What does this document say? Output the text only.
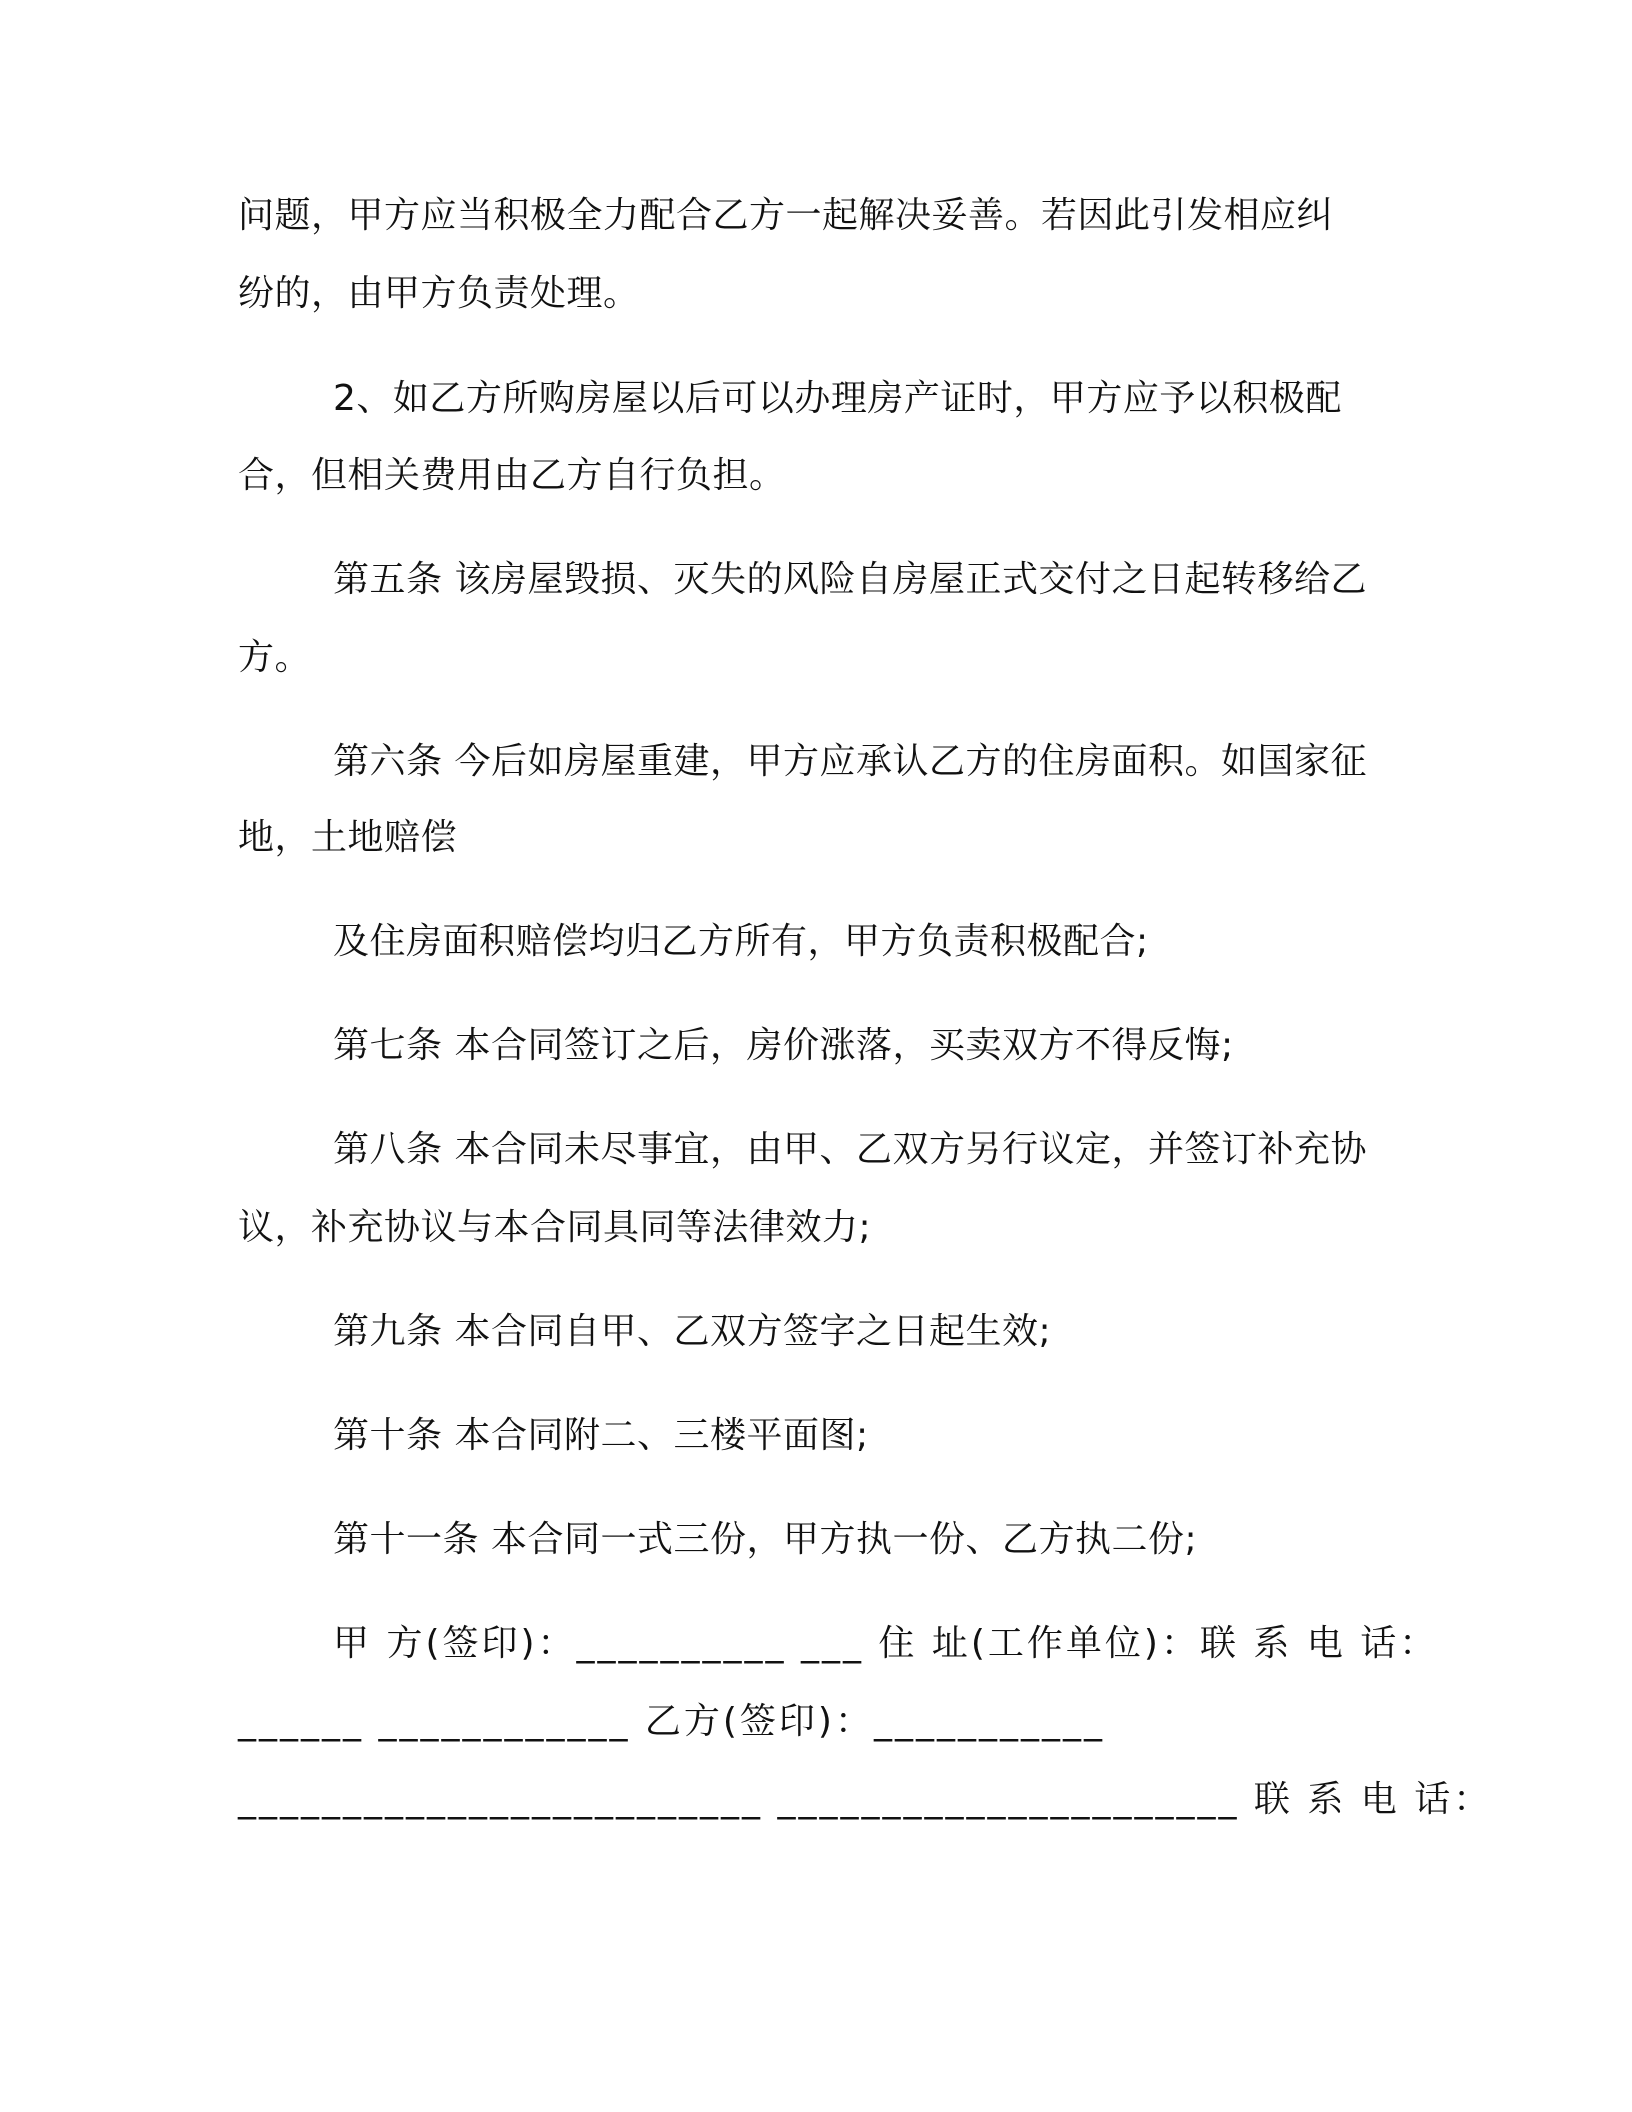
问题，甲方应当积极全力配合乙方一起解决妥善。若因此引发相应纠
纷的，由甲方负责处理。
2、如乙方所购房屋以后可以办理房产证时，甲方应予以积极配
合，但相关费用由乙方自行负担。
第五条 该房屋毁损、灭失的风险自房屋正式交付之日起转移给乙
方。
第六条 今后如房屋重建，甲方应承认乙方的住房面积。如国家征
地，土地赔偿
及住房面积赔偿均归乙方所有，甲方负责积极配合;
第七条 本合同签订之后，房价涨落，买卖双方不得反悔;
第八条 本合同未尽事宜，由甲、乙双方另行议定，并签订补充协
议，补充协议与本合同具同等法律效力;
第九条 本合同自甲、乙双方签字之日起生效;
第十条 本合同附二、三楼平面图;
第十一条 本合同一式三份，甲方执一份、乙方执二份;
甲 方(签印)：__________ ___ 住 址(工作单位)：联 系 电 话：
______ ____________ 乙方(签印)：___________
_________________________ ______________________ 联 系 电 话：
